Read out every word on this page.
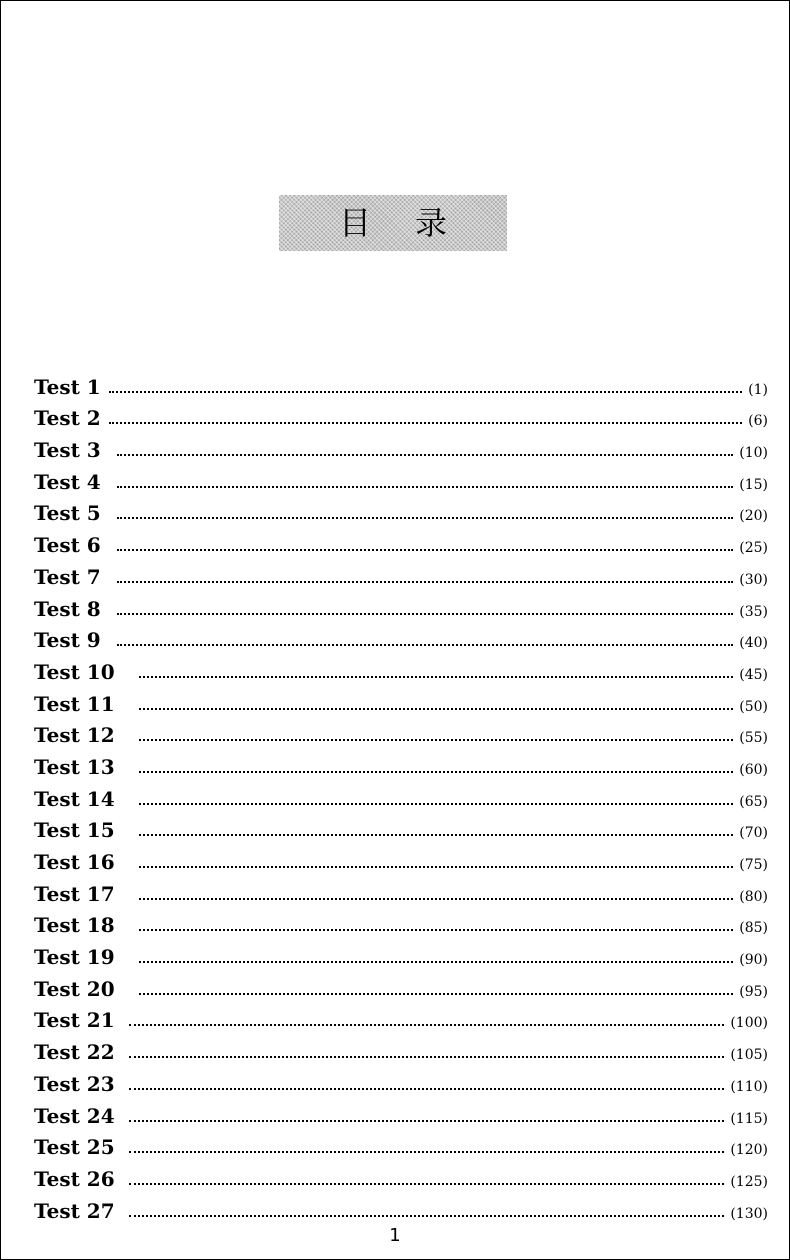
目录
Test 1	(1)
Test 2	(6)
Test 3	(10)
Test 4	(15)
Test 5	(20)
Test 6	(25)
Test 7	(30)
Test 8	(35)
Test 9	(40)
Test 10	(45)
Test 11	(50)
Test 12	(55)
Test 13	(60)
Test 14	(65)
Test 15	(70)
Test 16	(75)
Test 17	(80)
Test 18	(85)
Test 19	(90)
Test 20	(95)
Test 21	(100)
Test 22	(105)
Test 23	(110)
Test 24	(115)
Test 25	(120)
Test 26	(125)
Test 27	(130)
1
